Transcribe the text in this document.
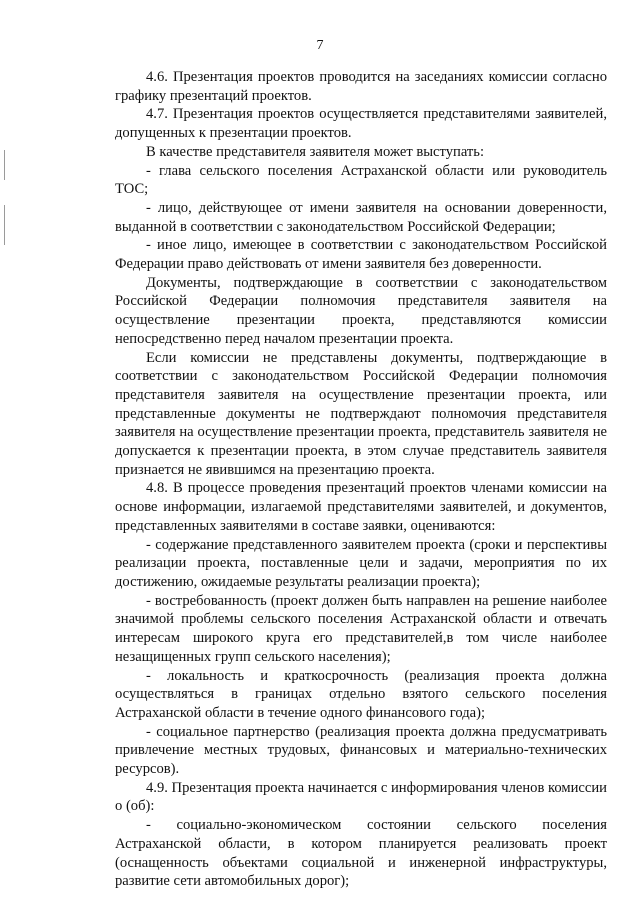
7

4.6. Презентация проектов проводится на заседаниях комиссии согласно графику презентаций проектов.

4.7. Презентация проектов осуществляется представителями заявителей, допущенных к презентации проектов.

В качестве представителя заявителя может выступать:

- глава сельского поселения Астраханской области или руководитель ТОС;

- лицо, действующее от имени заявителя на основании доверенности, выданной в соответствии с законодательством Российской Федерации;

- иное лицо, имеющее в соответствии с законодательством Российской Федерации право действовать от имени заявителя без доверенности.

Документы, подтверждающие в соответствии с законодательством Российской Федерации полномочия представителя заявителя на осуществление презентации проекта, представляются комиссии непосредственно перед началом презентации проекта.

Если комиссии не представлены документы, подтверждающие в соответствии с законодательством Российской Федерации полномочия представителя заявителя на осуществление презентации проекта, или представленные документы не подтверждают полномочия представителя заявителя на осуществление презентации проекта, представитель заявителя не допускается к презентации проекта, в этом случае представитель заявителя признается не явившимся на презентацию проекта.

4.8. В процессе проведения презентаций проектов членами комиссии на основе информации, излагаемой представителями заявителей, и документов, представленных заявителями в составе заявки, оцениваются:

- содержание представленного заявителем проекта (сроки и перспективы реализации проекта, поставленные цели и задачи, мероприятия по их достижению, ожидаемые результаты реализации проекта);

- востребованность (проект должен быть направлен на решение наиболее значимой проблемы сельского поселения Астраханской области и отвечать интересам широкого круга его представителей,в том числе наиболее незащищенных групп сельского населения);

- локальность и краткосрочность (реализация проекта должна осуществляться в границах отдельно взятого сельского поселения Астраханской области в течение одного финансового года);

- социальное партнерство (реализация проекта должна предусматривать привлечение местных трудовых, финансовых и материально-технических ресурсов).

4.9. Презентация проекта начинается с информирования членов комиссии о (об):

- социально-экономическом состоянии сельского поселения Астраханской области, в котором планируется реализовать проект (оснащенность объектами социальной и инженерной инфраструктуры, развитие сети автомобильных дорог);
